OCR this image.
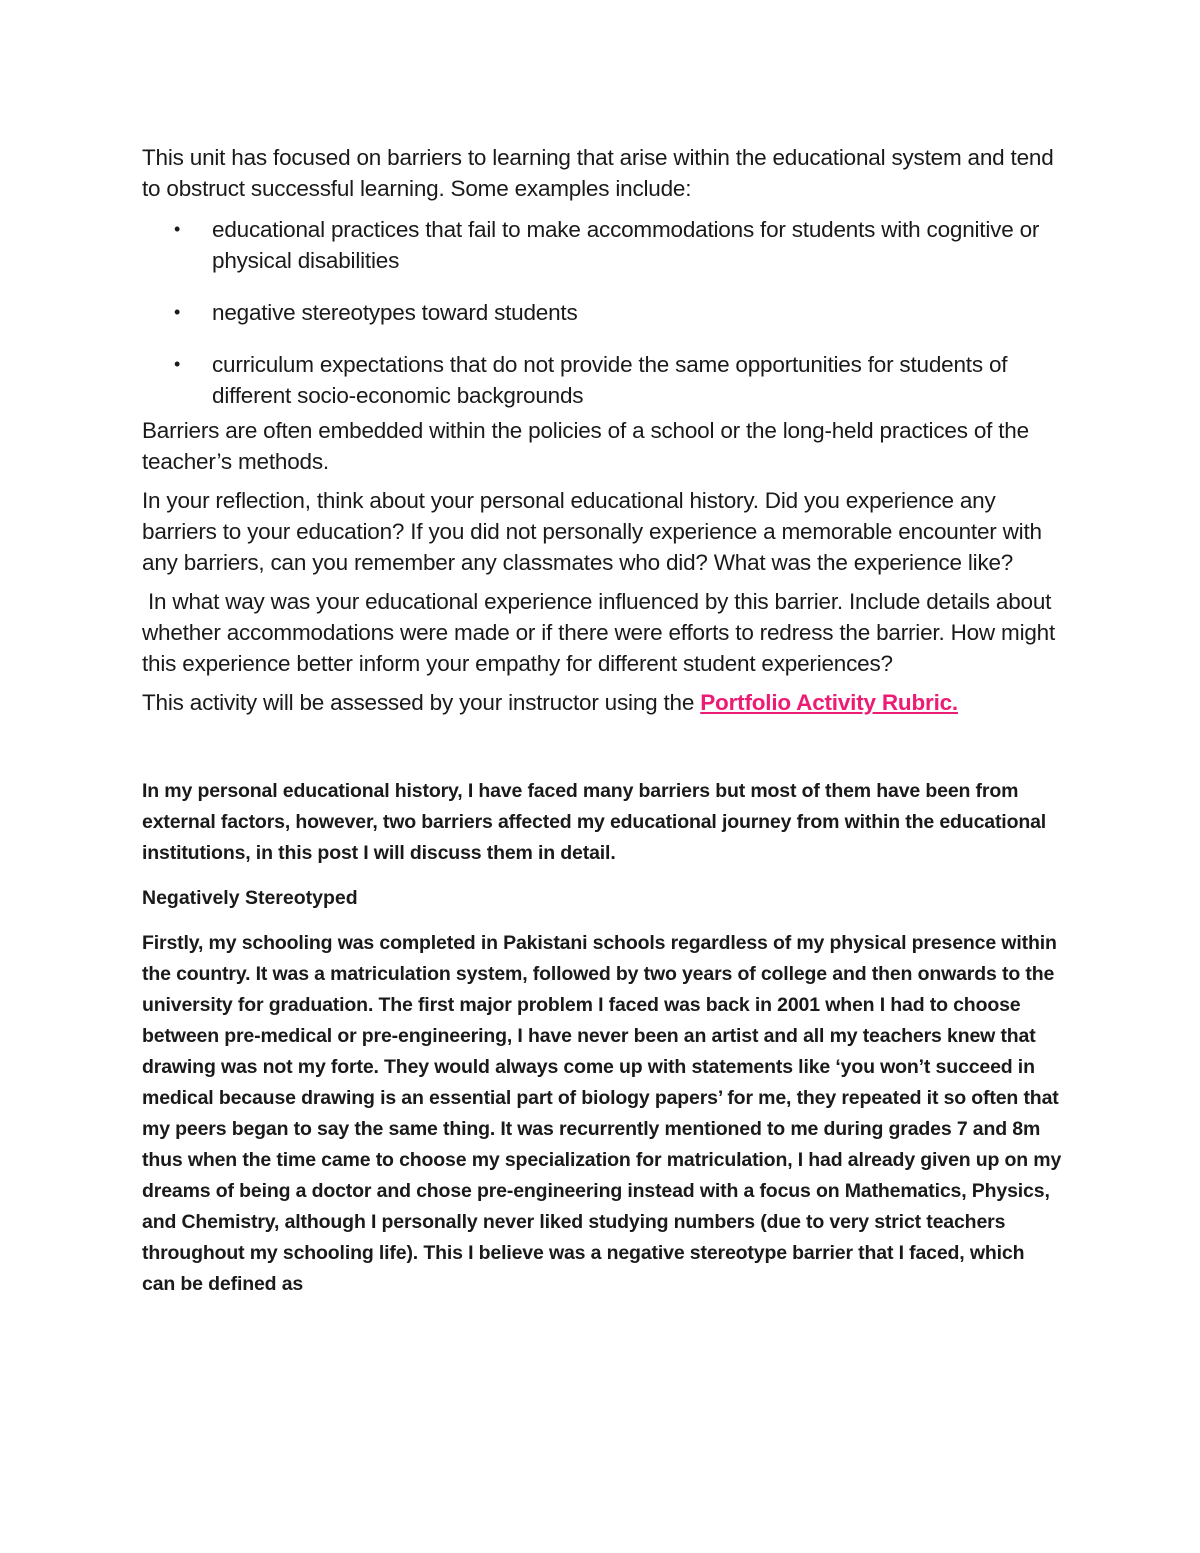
This unit has focused on barriers to learning that arise within the educational system and tend to obstruct successful learning. Some examples include:

• educational practices that fail to make accommodations for students with cognitive or physical disabilities
• negative stereotypes toward students
• curriculum expectations that do not provide the same opportunities for students of different socio-economic backgrounds

Barriers are often embedded within the policies of a school or the long-held practices of the teacher’s methods.

In your reflection, think about your personal educational history. Did you experience any barriers to your education? If you did not personally experience a memorable encounter with any barriers, can you remember any classmates who did? What was the experience like?

In what way was your educational experience influenced by this barrier. Include details about whether accommodations were made or if there were efforts to redress the barrier. How might this experience better inform your empathy for different student experiences?

This activity will be assessed by your instructor using the Portfolio Activity Rubric.

In my personal educational history, I have faced many barriers but most of them have been from external factors, however, two barriers affected my educational journey from within the educational institutions, in this post I will discuss them in detail.

Negatively Stereotyped

Firstly, my schooling was completed in Pakistani schools regardless of my physical presence within the country. It was a matriculation system, followed by two years of college and then onwards to the university for graduation. The first major problem I faced was back in 2001 when I had to choose between pre-medical or pre-engineering, I have never been an artist and all my teachers knew that drawing was not my forte. They would always come up with statements like ‘you won’t succeed in medical because drawing is an essential part of biology papers’ for me, they repeated it so often that my peers began to say the same thing. It was recurrently mentioned to me during grades 7 and 8m thus when the time came to choose my specialization for matriculation, I had already given up on my dreams of being a doctor and chose pre-engineering instead with a focus on Mathematics, Physics, and Chemistry, although I personally never liked studying numbers (due to very strict teachers throughout my schooling life). This I believe was a negative stereotype barrier that I faced, which can be defined as
